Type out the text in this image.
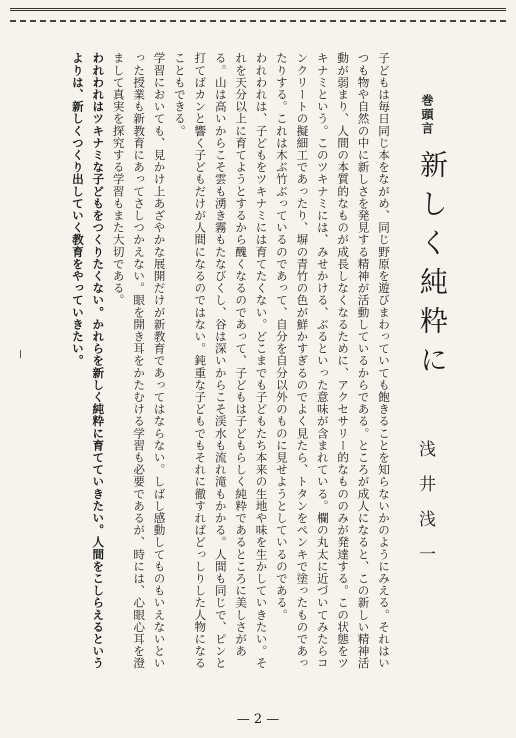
巻頭言
新しく純粋に
浅井浅一

子どもは毎日同じ本をながめ、同じ野原を遊びまわっていても飽きることを知らないかのようにみえる。それはいつも物や自然の中に新しさを発見する精神が活動しているからである。ところが成人になると、この新しい精神活動が弱まり、人間の本質的なものが成長しなくなるために、アクセサリー的なもののみが発達する。この状態をツキナミという。このツキナミには、みせかける、ぶるといった意味が含まれている。欄の丸太に近づいてみたらコンクリートの擬細工であったり、塀の青竹の色が鮮かすぎるのでよく見たら、トタンをペンキで塗ったものであったりする。これは木ぶ竹ぶっているのであって、自分を自分以外のものに見せようとしているのである。

われわれは、子どもをツキナミには育てたくない。どこまでも子どもたち本来の生地や味を生かしていきたい。それを天分以上に育てようとするから醜くなるのであって、子どもは子どもらしく純粋であるところに美しさがある。山は高いからこそ雲も湧き霧もたなびくし、谷は深いからこそ渓水も流れ滝もかかる。人間も同じで、ピンと打てばカンと響く子どもだけが人間になるのではない。鈍重な子どもでもそれに徹すればどっしりした人物になることもできる。

学習においても、見かけ上あざやかな展開だけが新教育であってはならない。しばし感動してものもいえないといった授業も新教育にあってさしつかえない。眼を開き耳をかたむける学習も必要であるが、時には、心眼心耳を澄まして真実を探究する学習もまた大切である。

われわれはツキナミな子どもをつくりたくない。かれらを新しく純粋に育てていきたい。人間をこしらえるというよりは、新しくつくり出していく教育をやっていきたい。

— 2 —
